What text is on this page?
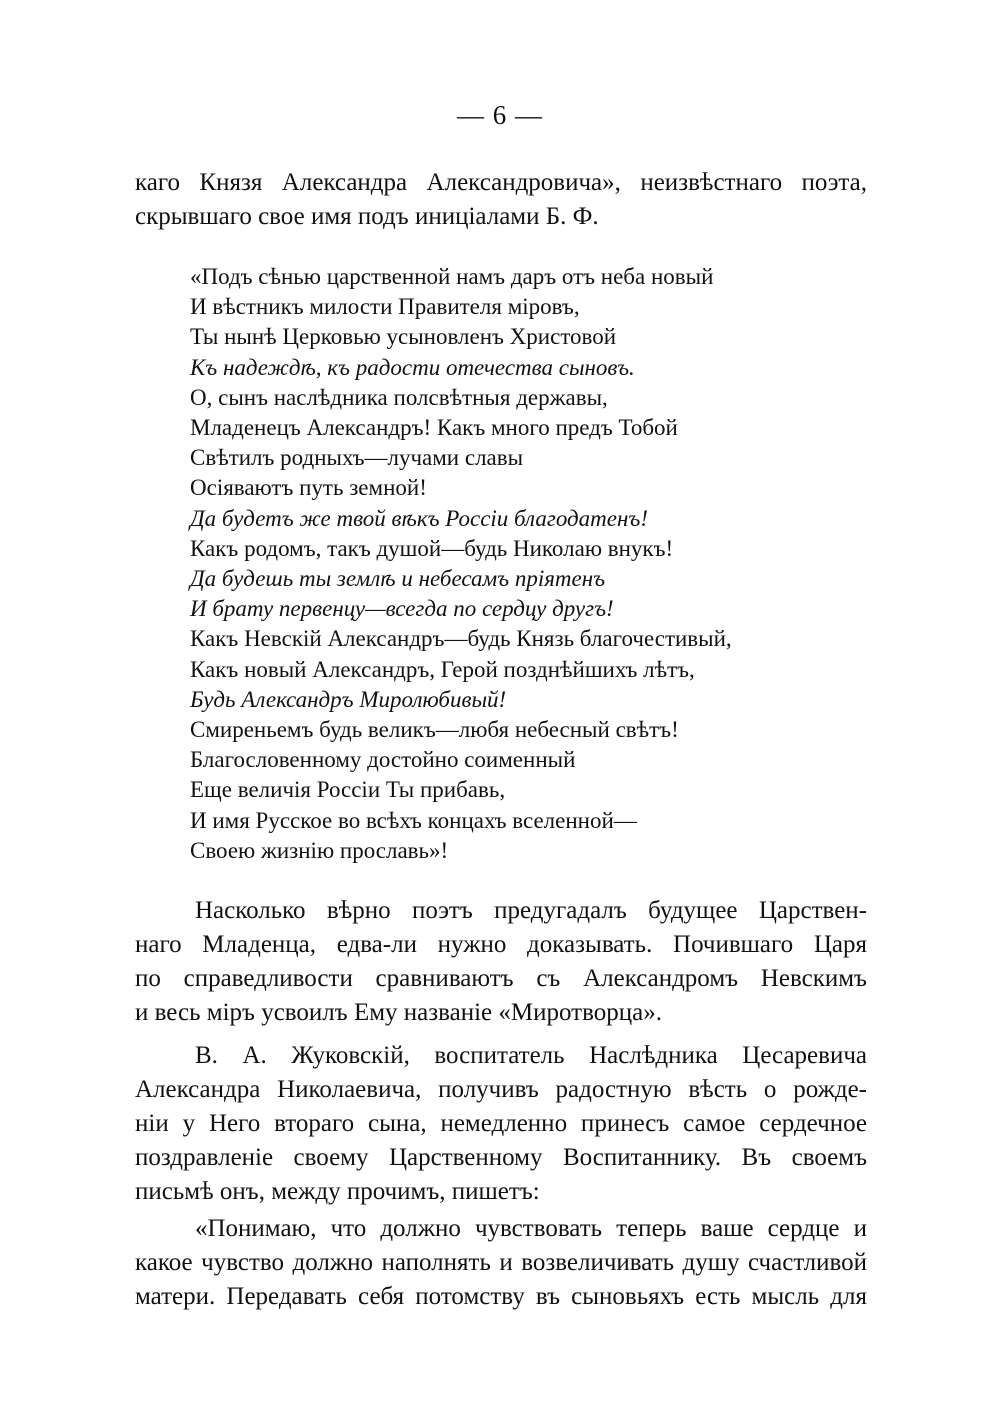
— 6 —
каго Князя Александра Александровича», неизвѣстнаго поэта,
скрывшаго свое имя подъ иниціалами Б. Ф.
«Подъ сѣнью царственной намъ даръ отъ неба новый
И вѣстникъ милости Правителя міровъ,
Ты нынѣ Церковью усыновленъ Христовой
Къ надеждѣ, къ радости отечества сыновъ.
О, сынъ наслѣдника полсвѣтныя державы,
Младенецъ Александръ! Какъ много предъ Тобой
Свѣтилъ родныхъ—лучами славы
Осіяваютъ путь земной!
Да будетъ же твой вѣкъ Россіи благодатенъ!
Какъ родомъ, такъ душой—будь Николаю внукъ!
Да будешь ты землѣ и небесамъ пріятенъ
И брату первенцу—всегда по сердцу другъ!
Какъ Невскій Александръ—будь Князь благочестивый,
Какъ новый Александръ, Герой позднѣйшихъ лѣтъ,
Будь Александръ Миролюбивый!
Смиреньемъ будь великъ—любя небесный свѣтъ!
Благословенному достойно соименный
Еще величія Россіи Ты прибавь,
И имя Русское во всѣхъ концахъ вселенной—
Своею жизнію прославь»!
Насколько вѣрно поэтъ предугадалъ будущее Царствен-
наго Младенца, едва-ли нужно доказывать. Почившаго Царя
по справедливости сравниваютъ съ Александромъ Невскимъ
и весь міръ усвоилъ Ему названіе «Миротворца».
В. А. Жуковскій, воспитатель Наслѣдника Цесаревича
Александра Николаевича, получивъ радостную вѣсть о рожде-
ніи у Него втораго сына, немедленно принесъ самое сердечное
поздравленіе своему Царственному Воспитаннику. Въ своемъ
письмѣ онъ, между прочимъ, пишетъ:
«Понимаю, что должно чувствовать теперь ваше сердце и
какое чувство должно наполнять и возвеличивать душу счастливой
матери. Передавать себя потомству въ сыновьяхъ есть мысль для
